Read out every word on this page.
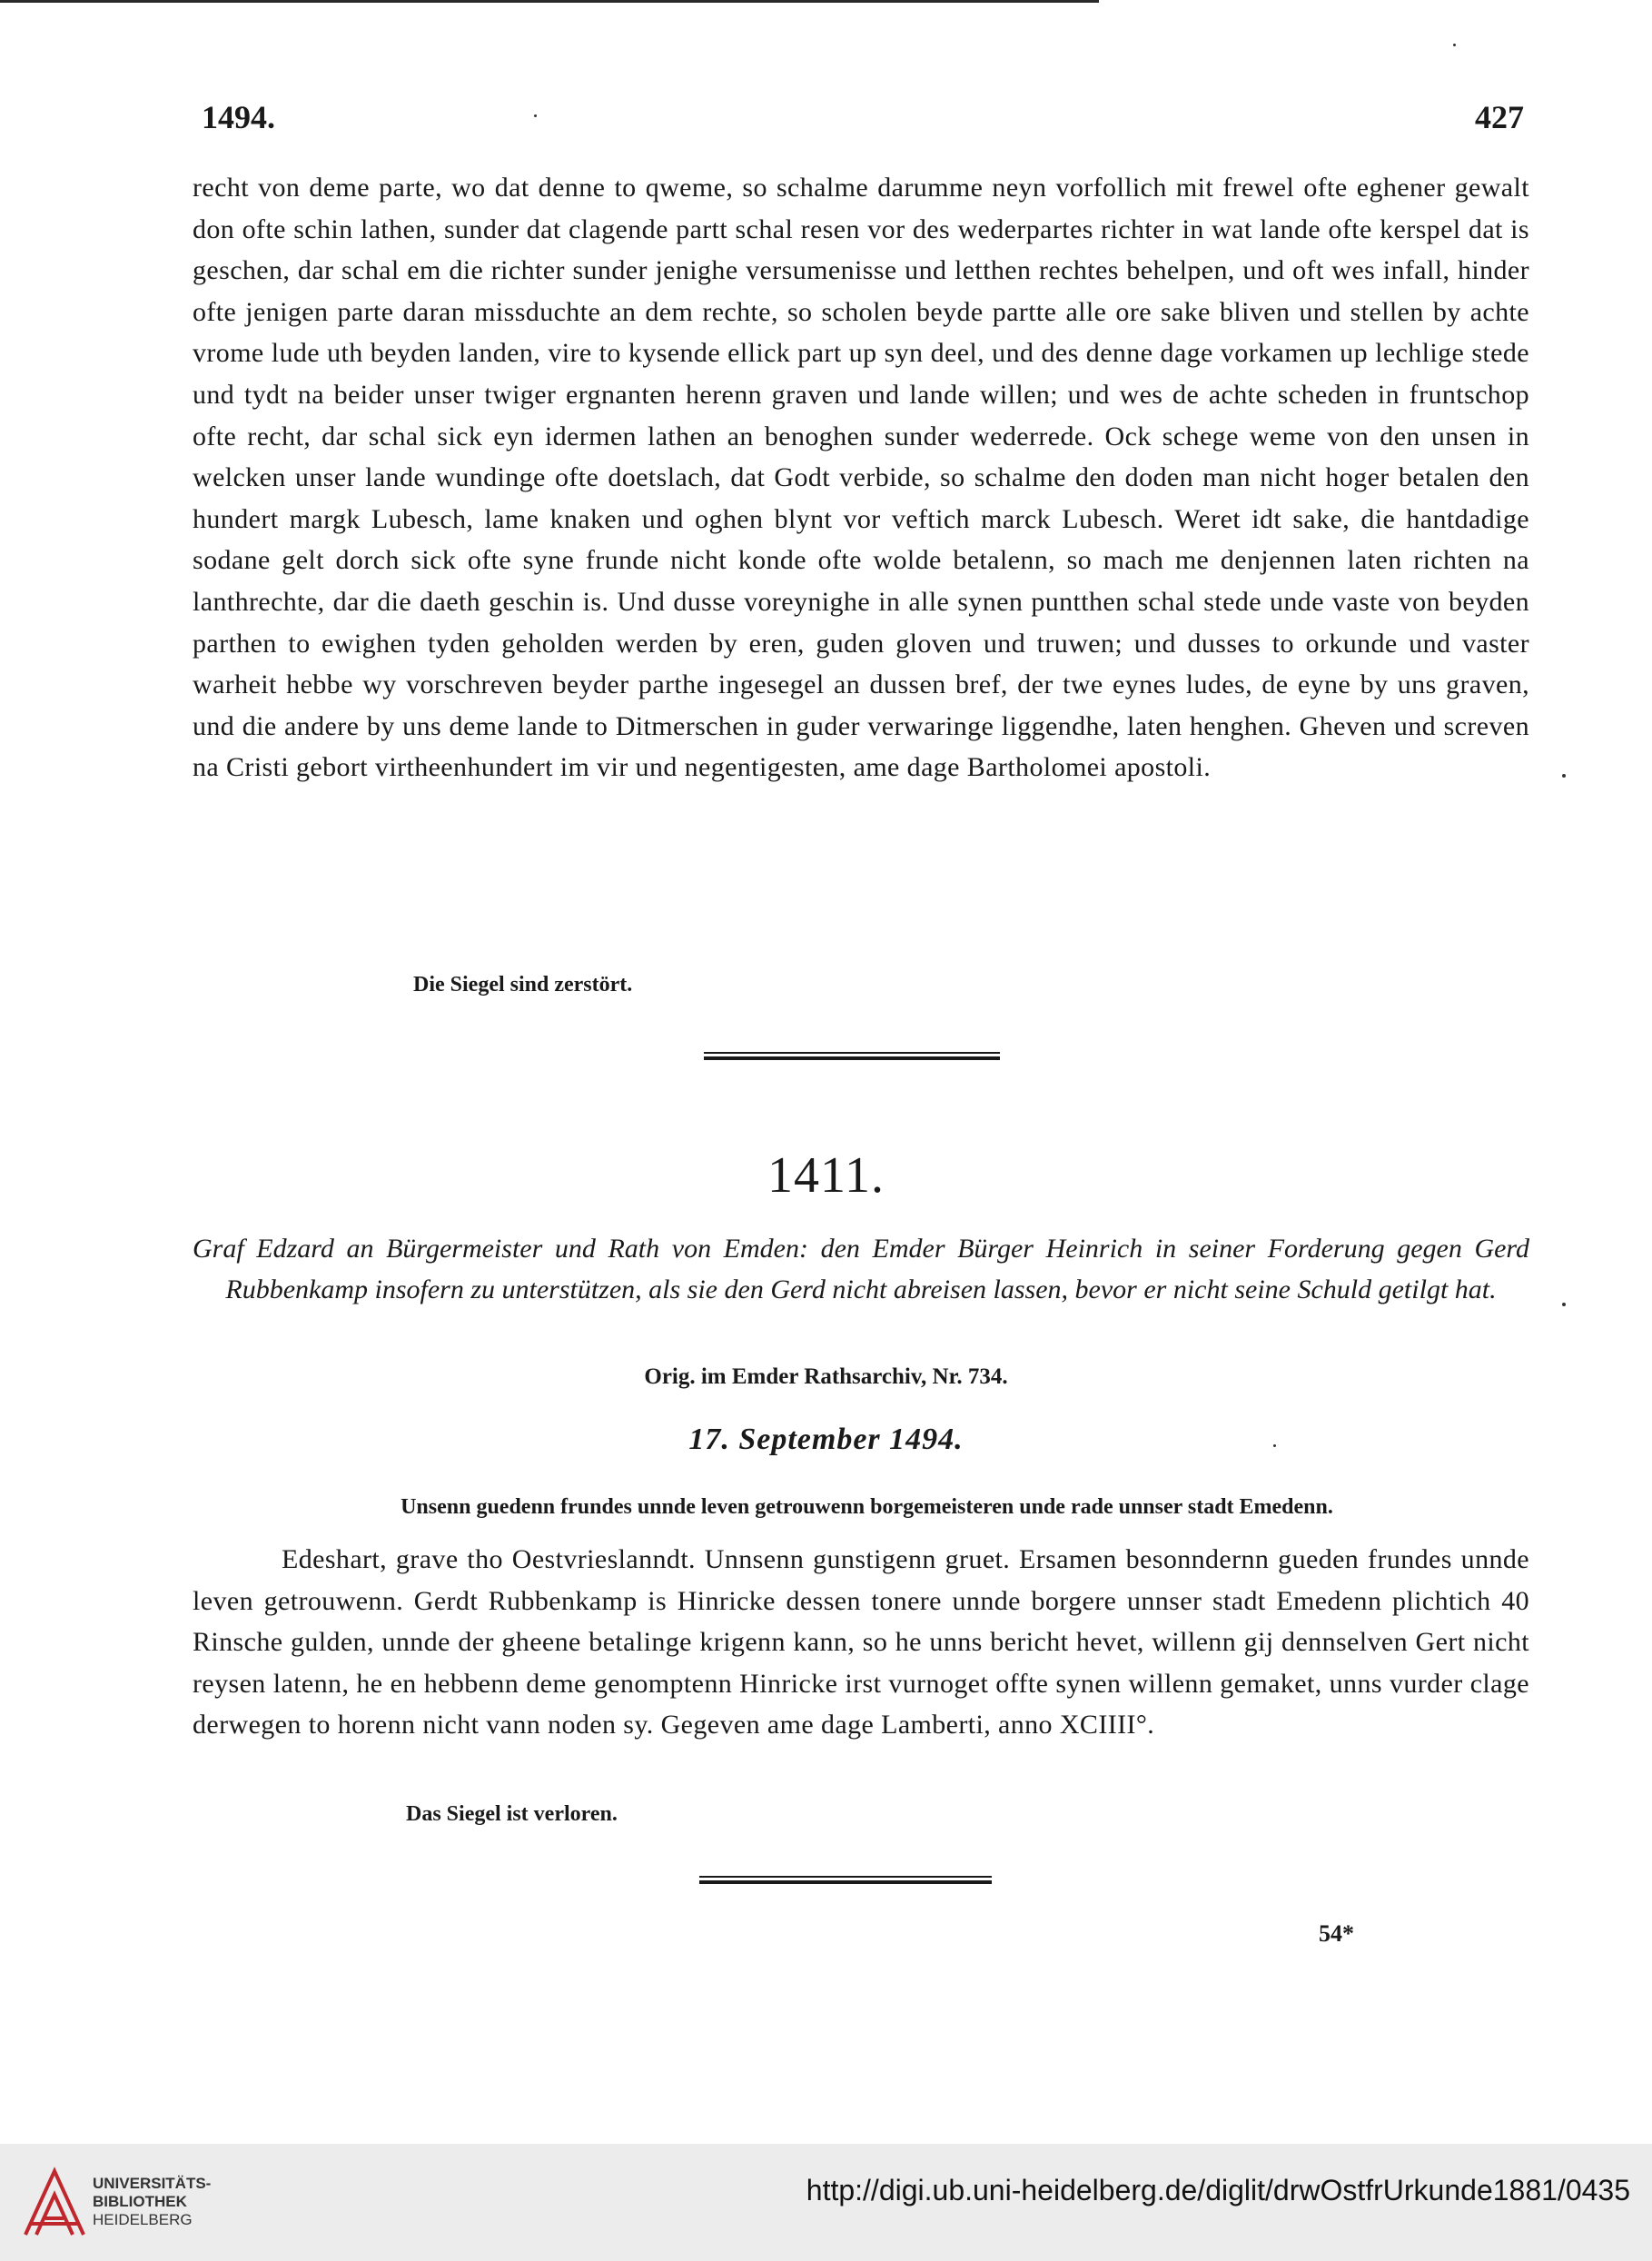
1494.	427
recht von deme parte, wo dat denne to qweme, so schalme darumme neyn vorfollich mit frewel ofte eghener gewalt don ofte schin lathen, sunder dat clagende partt schal resen vor des wederpartes richter in wat lande ofte kerspel dat is geschen, dar schal em die richter sunder jenighe versumenisse und letthen rechtes behelpen, und oft wes infall, hinder ofte jenigen parte daran missduchte an dem rechte, so scholen beyde partte alle ore sake bliven und stellen by achte vrome lude uth beyden landen, vire to kysende ellick part up syn deel, und des denne dage vorkamen up lechlige stede und tydt na beider unser twiger ergnanten herenn graven und lande willen; und wes de achte scheden in fruntschop ofte recht, dar schal sick eyn idermen lathen an benoghen sunder wederrede. Ock schege weme von den unsen in welcken unser lande wundinge ofte doetslach, dat Godt verbide, so schalme den doden man nicht hoger betalen den hundert margk Lubesch, lame knaken und oghen blynt vor veftich marck Lubesch. Weret idt sake, die hantdadige sodane gelt dorch sick ofte syne frunde nicht konde ofte wolde betalenn, so mach me denjennen laten richten na lanthrechte, dar die daeth geschin is. Und dusse voreynighe in alle synen puntthen schal stede unde vaste von beyden parthen to ewighen tyden geholden werden by eren, guden gloven und truwen; und dusses to orkunde und vaster warheit hebbe wy vorschreven beyder parthe ingesegel an dussen bref, der twe eynes ludes, de eyne by uns graven, und die andere by uns deme lande to Ditmerschen in guder verwaringe liggendhe, laten henghen. Gheven und screven na Cristi gebort virtheenhundert im vir und negentigesten, ame dage Bartholomei apostoli.
Die Siegel sind zerstört.
1411.
Graf Edzard an Bürgermeister und Rath von Emden: den Emder Bürger Heinrich in seiner Forderung gegen Gerd Rubbenkamp insofern zu unterstützen, als sie den Gerd nicht abreisen lassen, bevor er nicht seine Schuld getilgt hat.
Orig. im Emder Rathsarchiv, Nr. 734.
17. September 1494.
Unsenn guedenn frundes unnde leven getrouwenn borgemeisteren unde rade unnser stadt Emedenn.
Edeshart, grave tho Oestvrieslanndt. Unnsenn gunstigenn gruet. Ersamen besonndernn gueden frundes unnde leven getrouwenn. Gerdt Rubbenkamp is Hinricke dessen tonere unnde borgere unnser stadt Emedenn plichtich 40 Rinsche gulden, unnde der gheene betalinge krigenn kann, so he unns bericht hevet, willenn gij dennselven Gert nicht reysen latenn, he en hebbenn deme genomptenn Hinricke irst vurnoget offte synen willenn gemaket, unns vurder clage derwegen to horenn nicht vann noden sy. Gegeven ame dage Lamberti, anno XCIIII°.
Das Siegel ist verloren.
54*
UNIVERSITÄTS-
BIBLIOTHEK
HEIDELBERG
http://digi.ub.uni-heidelberg.de/diglit/drwOstfrUrkunde1881/0435
